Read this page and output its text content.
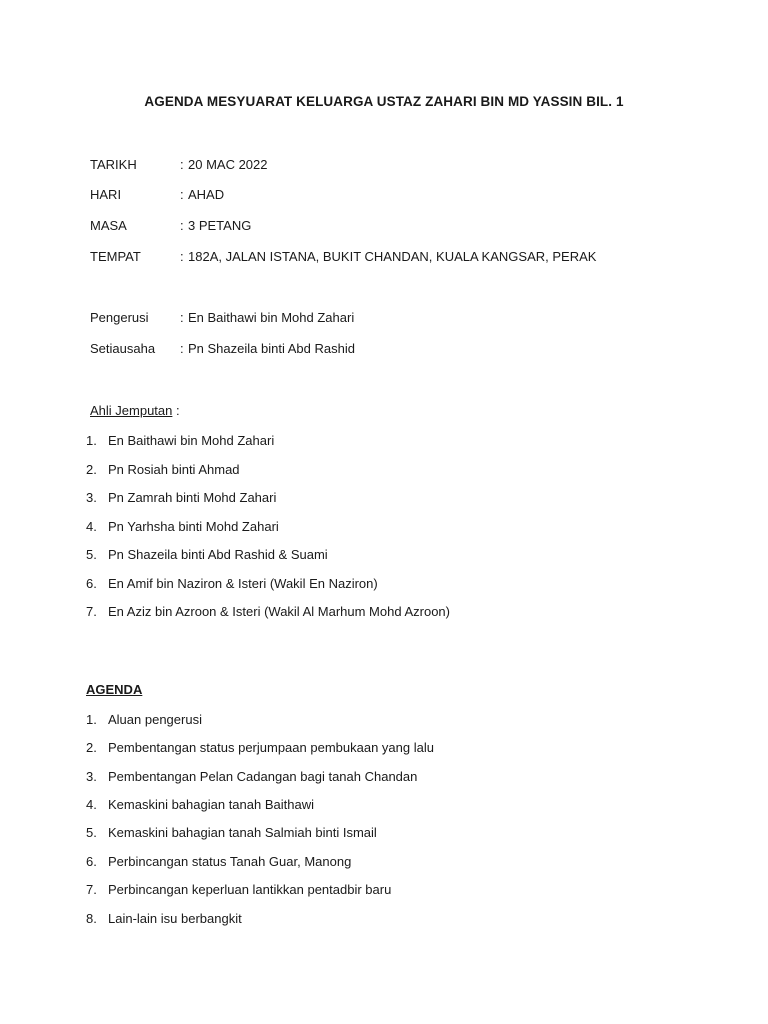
AGENDA MESYUARAT KELUARGA USTAZ ZAHARI BIN MD YASSIN BIL. 1
TARIKH	: 20 MAC 2022
HARI	: AHAD
MASA	: 3 PETANG
TEMPAT	: 182A, JALAN ISTANA, BUKIT CHANDAN, KUALA KANGSAR, PERAK
Pengerusi : En Baithawi bin Mohd Zahari
Setiausaha : Pn Shazeila binti Abd Rashid
Ahli Jemputan :
1. En Baithawi bin Mohd Zahari
2. Pn Rosiah binti Ahmad
3. Pn Zamrah binti Mohd Zahari
4. Pn Yarhsha binti Mohd Zahari
5. Pn Shazeila binti Abd Rashid & Suami
6. En Amif bin Naziron & Isteri (Wakil En Naziron)
7. En Aziz bin Azroon & Isteri (Wakil Al Marhum Mohd Azroon)
AGENDA
1. Aluan pengerusi
2. Pembentangan status perjumpaan pembukaan yang lalu
3. Pembentangan Pelan Cadangan bagi tanah Chandan
4. Kemaskini bahagian tanah Baithawi
5. Kemaskini bahagian tanah Salmiah binti Ismail
6. Perbincangan status Tanah Guar, Manong
7. Perbincangan keperluan lantikkan pentadbir baru
8. Lain-lain isu berbangkit
